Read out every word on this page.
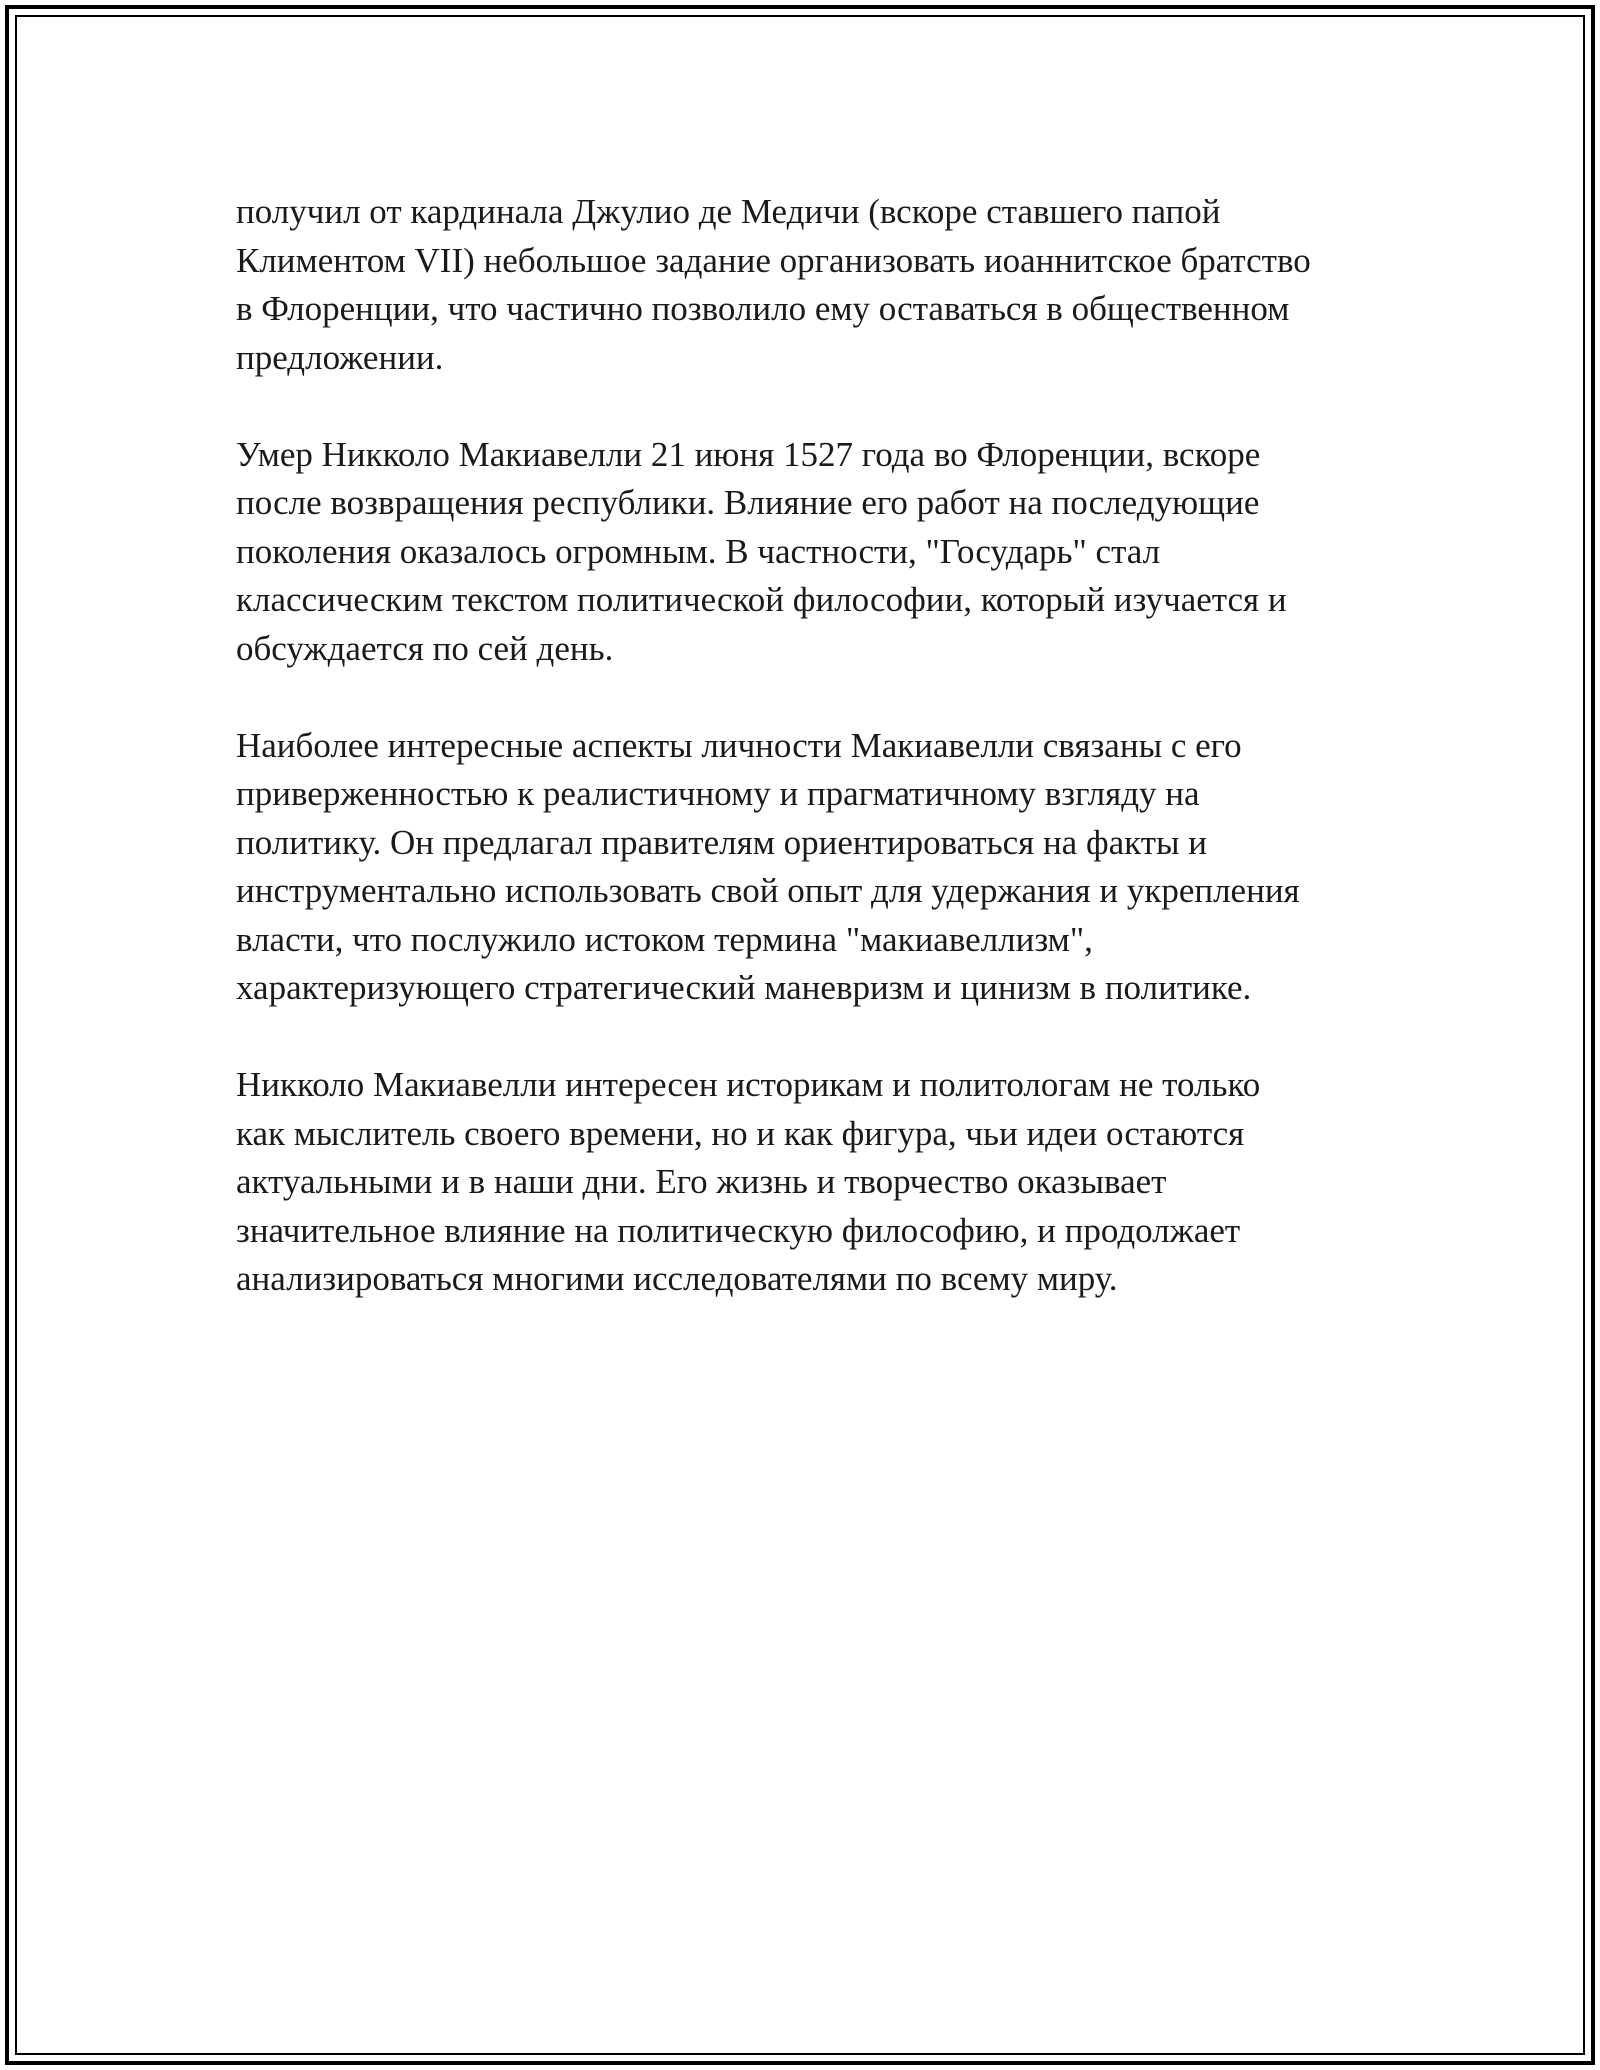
получил от кардинала Джулио де Медичи (вскоре ставшего папой
Климентом VII) небольшое задание организовать иоаннитское братство
в Флоренции, что частично позволило ему оставаться в общественном
предложении.

Умер Никколо Макиавелли 21 июня 1527 года во Флоренции, вскоре
после возвращения республики. Влияние его работ на последующие
поколения оказалось огромным. В частности, "Государь" стал
классическим текстом политической философии, который изучается и
обсуждается по сей день.

Наиболее интересные аспекты личности Макиавелли связаны с его
приверженностью к реалистичному и прагматичному взгляду на
политику. Он предлагал правителям ориентироваться на факты и
инструментально использовать свой опыт для удержания и укрепления
власти, что послужило истоком термина "макиавеллизм",
характеризующего стратегический маневризм и цинизм в политике.

Никколо Макиавелли интересен историкам и политологам не только
как мыслитель своего времени, но и как фигура, чьи идеи остаются
актуальными и в наши дни. Его жизнь и творчество оказывает
значительное влияние на политическую философию, и продолжает
анализироваться многими исследователями по всему миру.
